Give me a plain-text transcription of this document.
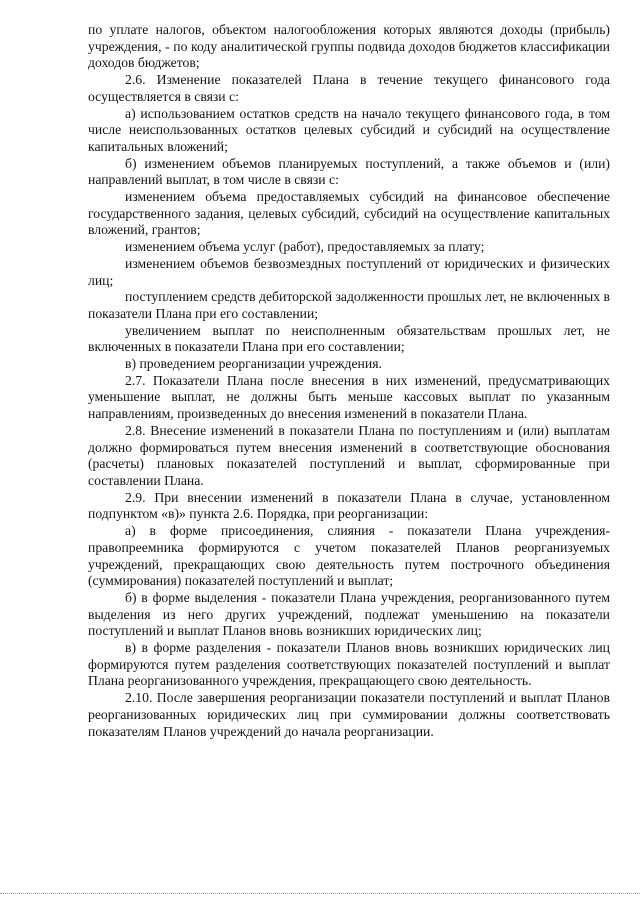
по уплате налогов, объектом налогообложения которых являются доходы (прибыль) учреждения, - по коду аналитической группы подвида доходов бюджетов классификации доходов бюджетов;

2.6. Изменение показателей Плана в течение текущего финансового года осуществляется в связи с:

а) использованием остатков средств на начало текущего финансового года, в том числе неиспользованных остатков целевых субсидий и субсидий на осуществление капитальных вложений;

б) изменением объемов планируемых поступлений, а также объемов и (или) направлений выплат, в том числе в связи с:

изменением объема предоставляемых субсидий на финансовое обеспечение государственного задания, целевых субсидий, субсидий на осуществление капитальных вложений, грантов;

изменением объема услуг (работ), предоставляемых за плату;

изменением объемов безвозмездных поступлений от юридических и физических лиц;

поступлением средств дебиторской задолженности прошлых лет, не включенных в показатели Плана при его составлении;

увеличением выплат по неисполненным обязательствам прошлых лет, не включенных в показатели Плана при его составлении;

в) проведением реорганизации учреждения.

2.7. Показатели Плана после внесения в них изменений, предусматривающих уменьшение выплат, не должны быть меньше кассовых выплат по указанным направлениям, произведенных до внесения изменений в показатели Плана.

2.8. Внесение изменений в показатели Плана по поступлениям и (или) выплатам должно формироваться путем внесения изменений в соответствующие обоснования (расчеты) плановых показателей поступлений и выплат, сформированные при составлении Плана.

2.9. При внесении изменений в показатели Плана в случае, установленном подпунктом «в)» пункта 2.6. Порядка, при реорганизации:

а) в форме присоединения, слияния - показатели Плана учреждения-правопреемника формируются с учетом показателей Планов реорганизуемых учреждений, прекращающих свою деятельность путем построчного объединения (суммирования) показателей поступлений и выплат;

б) в форме выделения - показатели Плана учреждения, реорганизованного путем выделения из него других учреждений, подлежат уменьшению на показатели поступлений и выплат Планов вновь возникших юридических лиц;

в) в форме разделения - показатели Планов вновь возникших юридических лиц формируются путем разделения соответствующих показателей поступлений и выплат Плана реорганизованного учреждения, прекращающего свою деятельность.

2.10. После завершения реорганизации показатели поступлений и выплат Планов реорганизованных юридических лиц при суммировании должны соответствовать показателям Планов учреждений до начала реорганизации.
